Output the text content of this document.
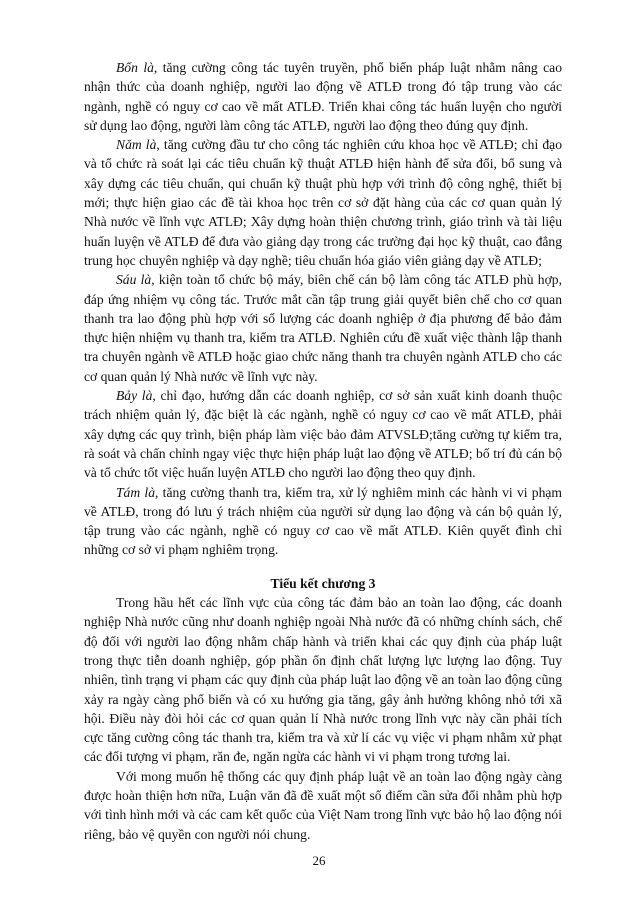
Bốn là, tăng cường công tác tuyên truyền, phổ biến pháp luật nhằm nâng cao nhận thức của doanh nghiệp, người lao động về ATLĐ trong đó tập trung vào các ngành, nghề có nguy cơ cao về mất ATLĐ. Triển khai công tác huấn luyện cho người sử dụng lao động, người làm công tác ATLĐ, người lao động theo đúng quy định.

Năm là, tăng cường đầu tư cho công tác nghiên cứu khoa học về ATLĐ; chỉ đạo và tổ chức rà soát lại các tiêu chuẩn kỹ thuật ATLĐ hiện hành để sửa đổi, bổ sung và xây dựng các tiêu chuẩn, qui chuẩn kỹ thuật phù hợp với trình độ công nghệ, thiết bị mới; thực hiện giao các đề tài khoa học trên cơ sở đặt hàng của các cơ quan quản lý Nhà nước về lĩnh vực ATLĐ; Xây dựng hoàn thiện chương trình, giáo trình và tài liệu huấn luyện về ATLĐ để đưa vào giảng dạy trong các trường đại học kỹ thuật, cao đẳng trung học chuyên nghiệp và dạy nghề; tiêu chuẩn hóa giáo viên giảng dạy về ATLĐ;

Sáu là, kiện toàn tổ chức bộ máy, biên chế cán bộ làm công tác ATLĐ phù hợp, đáp ứng nhiệm vụ công tác. Trước mắt cần tập trung giải quyết biên chế cho cơ quan thanh tra lao động phù hợp với số lượng các doanh nghiệp ở địa phương để bảo đảm thực hiện nhiệm vụ thanh tra, kiểm tra ATLĐ. Nghiên cứu đề xuất việc thành lập thanh tra chuyên ngành về ATLĐ hoặc giao chức năng thanh tra chuyên ngành ATLĐ cho các cơ quan quản lý Nhà nước về lĩnh vực này.

Bảy là, chỉ đạo, hướng dẫn các doanh nghiệp, cơ sở sản xuất kinh doanh thuộc trách nhiệm quản lý, đặc biệt là các ngành, nghề có nguy cơ cao về mất ATLĐ, phải xây dựng các quy trình, biện pháp làm việc bảo đảm ATVSLĐ;tăng cường tự kiểm tra, rà soát và chấn chỉnh ngay việc thực hiện pháp luật lao động về ATLĐ; bố trí đủ cán bộ và tổ chức tốt việc huấn luyện ATLĐ cho người lao động theo quy định.

Tám là, tăng cường thanh tra, kiểm tra, xử lý nghiêm minh các hành vi vi phạm về ATLĐ, trong đó lưu ý trách nhiệm của người sử dụng lao động và cán bộ quản lý, tập trung vào các ngành, nghề có nguy cơ cao về mất ATLĐ. Kiên quyết đình chỉ những cơ sở vi phạm nghiêm trọng.

Tiểu kết chương 3

Trong hầu hết các lĩnh vực của công tác đảm bảo an toàn lao động, các doanh nghiệp Nhà nước cũng như doanh nghiệp ngoài Nhà nước đã có những chính sách, chế độ đối với người lao động nhằm chấp hành và triển khai các quy định của pháp luật trong thực tiễn doanh nghiệp, góp phần ổn định chất lượng lực lượng lao động. Tuy nhiên, tình trạng vi phạm các quy định của pháp luật lao động về an toàn lao động cũng xảy ra ngày càng phổ biến và có xu hướng gia tăng, gây ảnh hưởng không nhỏ tới xã hội. Điều này đòi hỏi các cơ quan quản lí Nhà nước trong lĩnh vực này cần phải tích cực tăng cường công tác thanh tra, kiểm tra và xử lí các vụ việc vi phạm nhằm xử phạt các đối tượng vi phạm, răn đe, ngăn ngừa các hành vi vi phạm trong tương lai.

Với mong muốn hệ thống các quy định pháp luật về an toàn lao động ngày càng được hoàn thiện hơn nữa, Luận văn đã đề xuất một số điểm cần sửa đổi nhằm phù hợp với tình hình mới và các cam kết quốc của Việt Nam trong lĩnh vực bảo hộ lao động nói riêng, bảo vệ quyền con người nói chung.

26
